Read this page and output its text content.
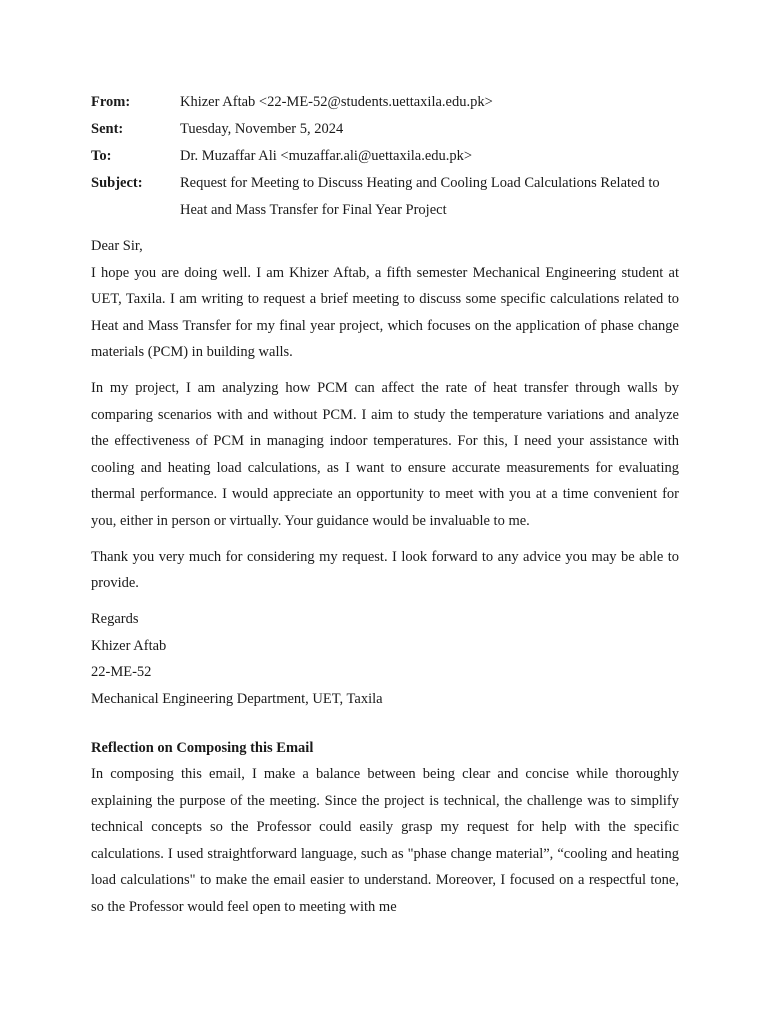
From:	Khizer Aftab <22-ME-52@students.uettaxila.edu.pk>
Sent:	Tuesday, November 5, 2024
To:	Dr. Muzaffar Ali <muzaffar.ali@uettaxila.edu.pk>
Subject:	Request for Meeting to Discuss Heating and Cooling Load Calculations Related to Heat and Mass Transfer for Final Year Project

Dear Sir,

I hope you are doing well. I am Khizer Aftab, a fifth semester Mechanical Engineering student at UET, Taxila. I am writing to request a brief meeting to discuss some specific calculations related to Heat and Mass Transfer for my final year project, which focuses on the application of phase change materials (PCM) in building walls.

In my project, I am analyzing how PCM can affect the rate of heat transfer through walls by comparing scenarios with and without PCM. I aim to study the temperature variations and analyze the effectiveness of PCM in managing indoor temperatures. For this, I need your assistance with cooling and heating load calculations, as I want to ensure accurate measurements for evaluating thermal performance. I would appreciate an opportunity to meet with you at a time convenient for you, either in person or virtually. Your guidance would be invaluable to me.

Thank you very much for considering my request. I look forward to any advice you may be able to provide.

Regards

Khizer Aftab

22-ME-52

Mechanical Engineering Department, UET, Taxila

Reflection on Composing this Email

In composing this email, I make a balance between being clear and concise while thoroughly explaining the purpose of the meeting. Since the project is technical, the challenge was to simplify technical concepts so the Professor could easily grasp my request for help with the specific calculations. I used straightforward language, such as "phase change material”, “cooling and heating load calculations" to make the email easier to understand. Moreover, I focused on a respectful tone, so the Professor would feel open to meeting with me
